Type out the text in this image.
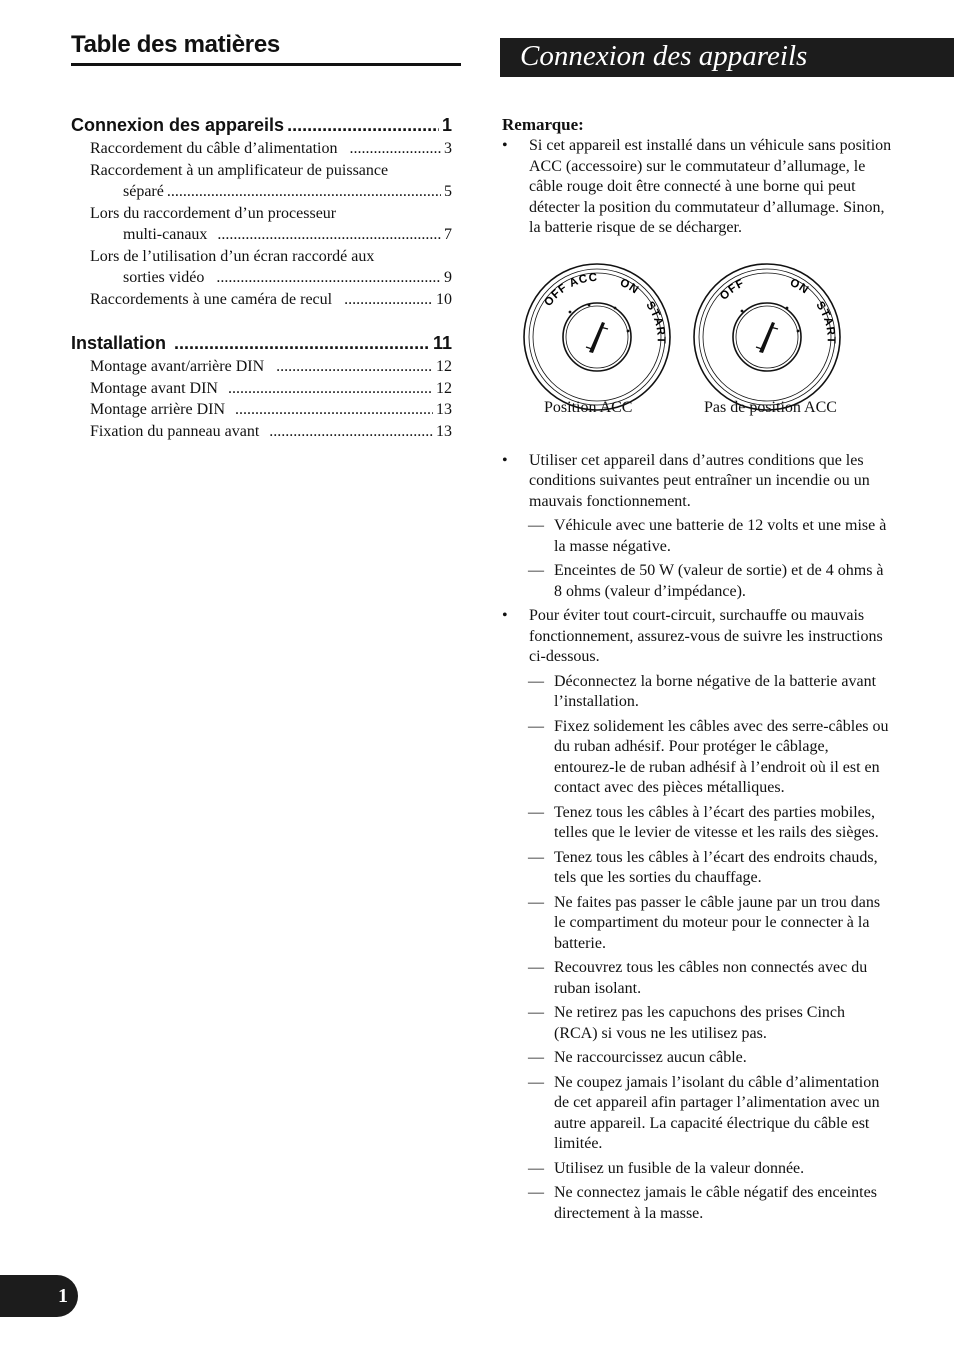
Table des matières	Connexion des appareils
Connexion des appareils .....	1
Raccordement du câble d’alimentation .....	3
Raccordement à un amplificateur de puissance
séparé .....	5
Lors du raccordement d’un processeur
multi-canaux .....	7
Lors de l’utilisation d’un écran raccordé aux
sorties vidéo .....	9
Raccordements à une caméra de recul .....	10
Installation .....	11
Montage avant/arrière DIN .....	12
Montage avant DIN .....	12
Montage arrière DIN .....	13
Fixation du panneau avant .....	13
Remarque:
•	Si cet appareil est installé dans un véhicule sans position ACC (accessoire) sur le commutateur d’allumage, le câble rouge doit être connecté à une borne qui peut détecter la position du commutateur d’allumage. Sinon, la batterie risque de se décharger.
OFFACC ONSTART
OFF	ONSTART
Position ACC	Pas de position ACC
•	Utiliser cet appareil dans d’autres conditions que les conditions suivantes peut entraîner un incendie ou un mauvais fonctionnement.
— Véhicule avec une batterie de 12 volts et une mise à la masse négative.
— Enceintes de 50 W (valeur de sortie) et de 4 ohms à 8 ohms (valeur d’impédance).
•	Pour éviter tout court-circuit, surchauffe ou mauvais fonctionnement, assurez-vous de suivre les instructions ci-dessous.
— Déconnectez la borne négative de la batterie avant l’installation.
— Fixez solidement les câbles avec des serre-câbles ou du ruban adhésif. Pour protéger le câblage, entourez-le de ruban adhésif à l’endroit où il est en contact avec des pièces métalliques.
— Tenez tous les câbles à l’écart des parties mobiles, telles que le levier de vitesse et les rails des sièges.
— Tenez tous les câbles à l’écart des endroits chauds, tels que les sorties du chauffage.
— Ne faites pas passer le câble jaune par un trou dans le compartiment du moteur pour le connecter à la batterie.
— Recouvrez tous les câbles non connectés avec du ruban isolant.
— Ne retirez pas les capuchons des prises Cinch (RCA) si vous ne les utilisez pas.
— Ne raccourcissez aucun câble.
— Ne coupez jamais l’isolant du câble d’alimentation de cet appareil afin partager l’alimentation avec un autre appareil. La capacité électrique du câble est limitée.
— Utilisez un fusible de la valeur donnée.
— Ne connectez jamais le câble négatif des enceintes directement à la masse.
1
